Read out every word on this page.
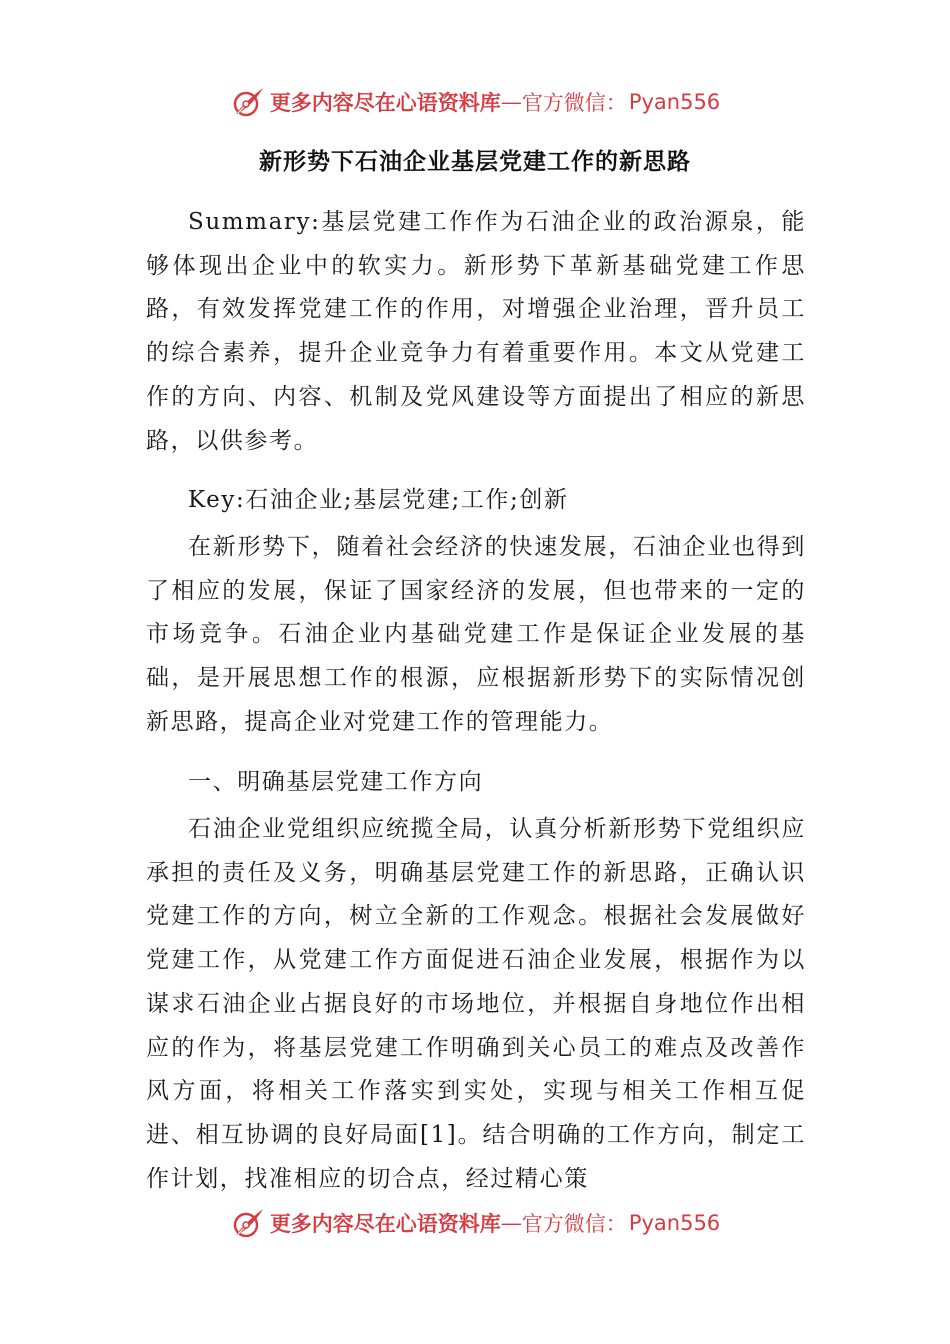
更多内容尽在心语资料库 — 官方微信： Pyan556
新形势下石油企业基层党建工作的新思路

Summary:基层党建工作作为石油企业的政治源泉，能够体现出企业中的软实力。新形势下革新基础党建工作思路，有效发挥党建工作的作用，对增强企业治理，晋升员工的综合素养，提升企业竞争力有着重要作用。本文从党建工作的方向、内容、机制及党风建设等方面提出了相应的新思路，以供参考。

Key:石油企业;基层党建;工作;创新

在新形势下，随着社会经济的快速发展，石油企业也得到了相应的发展，保证了国家经济的发展，但也带来的一定的市场竞争。石油企业内基础党建工作是保证企业发展的基础，是开展思想工作的根源，应根据新形势下的实际情况创新思路，提高企业对党建工作的管理能力。

一、明确基层党建工作方向

石油企业党组织应统揽全局，认真分析新形势下党组织应承担的责任及义务，明确基层党建工作的新思路，正确认识党建工作的方向，树立全新的工作观念。根据社会发展做好党建工作，从党建工作方面促进石油企业发展，根据作为以谋求石油企业占据良好的市场地位，并根据自身地位作出相应的作为，将基层党建工作明确到关心员工的难点及改善作风方面，将相关工作落实到实处，实现与相关工作相互促进、相互协调的良好局面[1]。结合明确的工作方向，制定工作计划，找准相应的切合点，经过精心策

更多内容尽在心语资料库 — 官方微信： Pyan556
